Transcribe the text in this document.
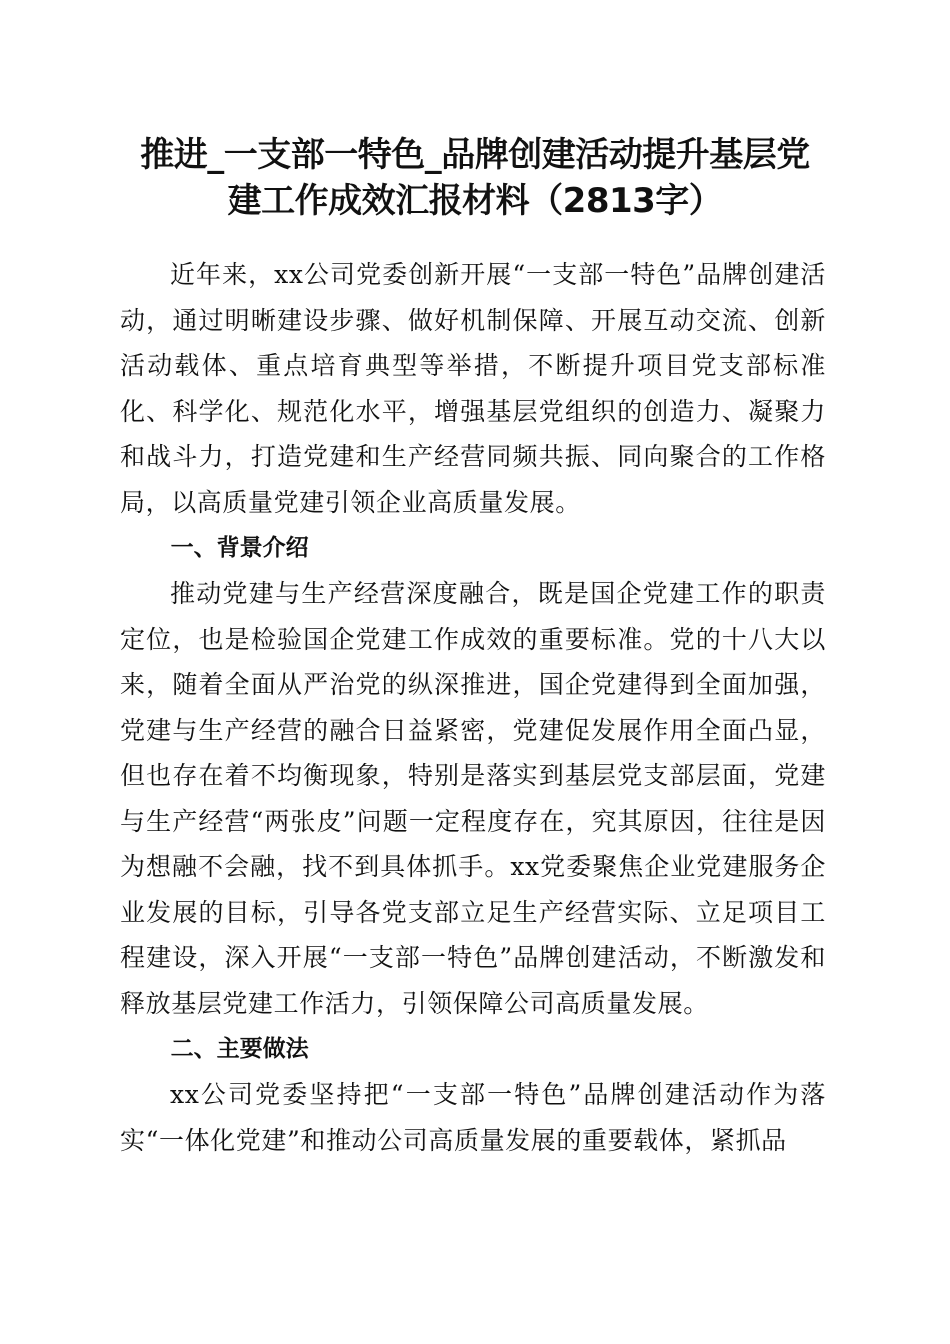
推进_一支部一特色_品牌创建活动提升基层党
建工作成效汇报材料（2813字）

近年来，xx公司党委创新开展“一支部一特色”品牌创建活动，通过明晰建设步骤、做好机制保障、开展互动交流、创新活动载体、重点培育典型等举措，不断提升项目党支部标准化、科学化、规范化水平，增强基层党组织的创造力、凝聚力和战斗力，打造党建和生产经营同频共振、同向聚合的工作格局，以高质量党建引领企业高质量发展。

一、背景介绍

推动党建与生产经营深度融合，既是国企党建工作的职责定位，也是检验国企党建工作成效的重要标准。党的十八大以来，随着全面从严治党的纵深推进，国企党建得到全面加强，党建与生产经营的融合日益紧密，党建促发展作用全面凸显，但也存在着不均衡现象，特别是落实到基层党支部层面，党建与生产经营“两张皮”问题一定程度存在，究其原因，往往是因为想融不会融，找不到具体抓手。xx党委聚焦企业党建服务企业发展的目标，引导各党支部立足生产经营实际、立足项目工程建设，深入开展“一支部一特色”品牌创建活动，不断激发和释放基层党建工作活力，引领保障公司高质量发展。

二、主要做法

xx公司党委坚持把“一支部一特色”品牌创建活动作为落实“一体化党建”和推动公司高质量发展的重要载体，紧抓品
